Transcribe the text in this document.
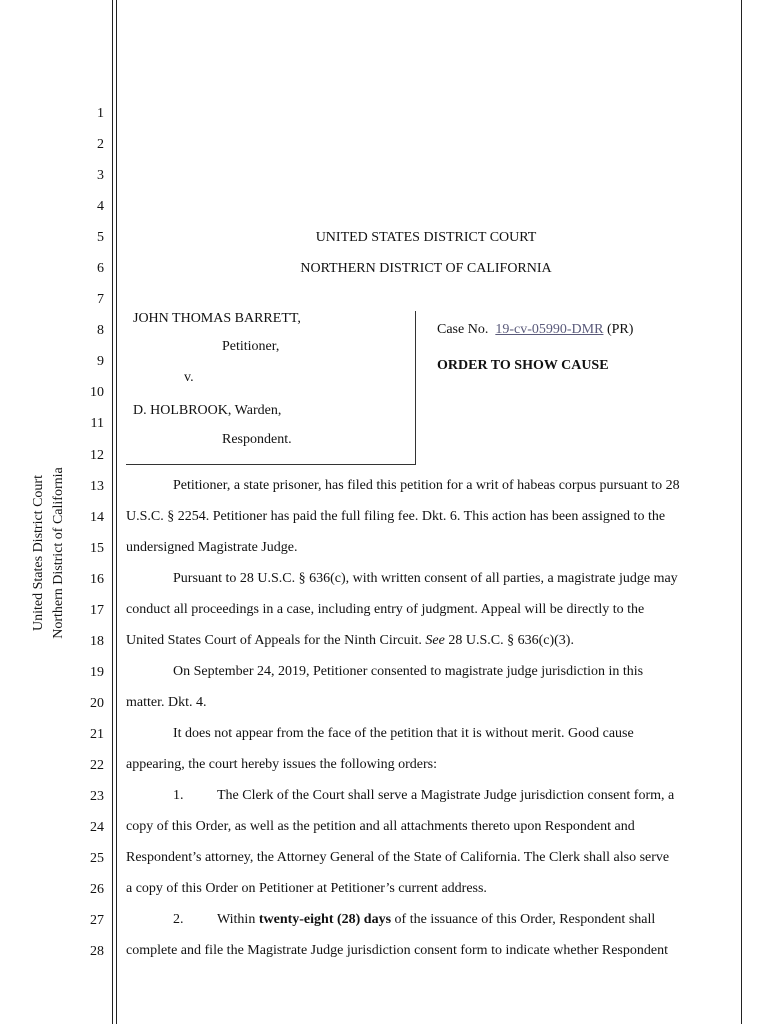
United States District Court Northern District of California
1
2
3
4
5
6
7
8
9
10
11
12
13
14
15
16
17
18
19
20
21
22
23
24
25
26
27
28
UNITED STATES DISTRICT COURT
NORTHERN DISTRICT OF CALIFORNIA
JOHN THOMAS BARRETT,
Petitioner,
v.
D. HOLBROOK, Warden,
Respondent.
Case No. 19-cv-05990-DMR (PR)
ORDER TO SHOW CAUSE
Petitioner, a state prisoner, has filed this petition for a writ of habeas corpus pursuant to 28
U.S.C. § 2254. Petitioner has paid the full filing fee. Dkt. 6. This action has been assigned to the
undersigned Magistrate Judge.
Pursuant to 28 U.S.C. § 636(c), with written consent of all parties, a magistrate judge may
conduct all proceedings in a case, including entry of judgment. Appeal will be directly to the
United States Court of Appeals for the Ninth Circuit. See 28 U.S.C. § 636(c)(3).
On September 24, 2019, Petitioner consented to magistrate judge jurisdiction in this
matter. Dkt. 4.
It does not appear from the face of the petition that it is without merit. Good cause
appearing, the court hereby issues the following orders:
1. The Clerk of the Court shall serve a Magistrate Judge jurisdiction consent form, a
copy of this Order, as well as the petition and all attachments thereto upon Respondent and
Respondent’s attorney, the Attorney General of the State of California. The Clerk shall also serve
a copy of this Order on Petitioner at Petitioner’s current address.
2. Within twenty-eight (28) days of the issuance of this Order, Respondent shall
complete and file the Magistrate Judge jurisdiction consent form to indicate whether Respondent
